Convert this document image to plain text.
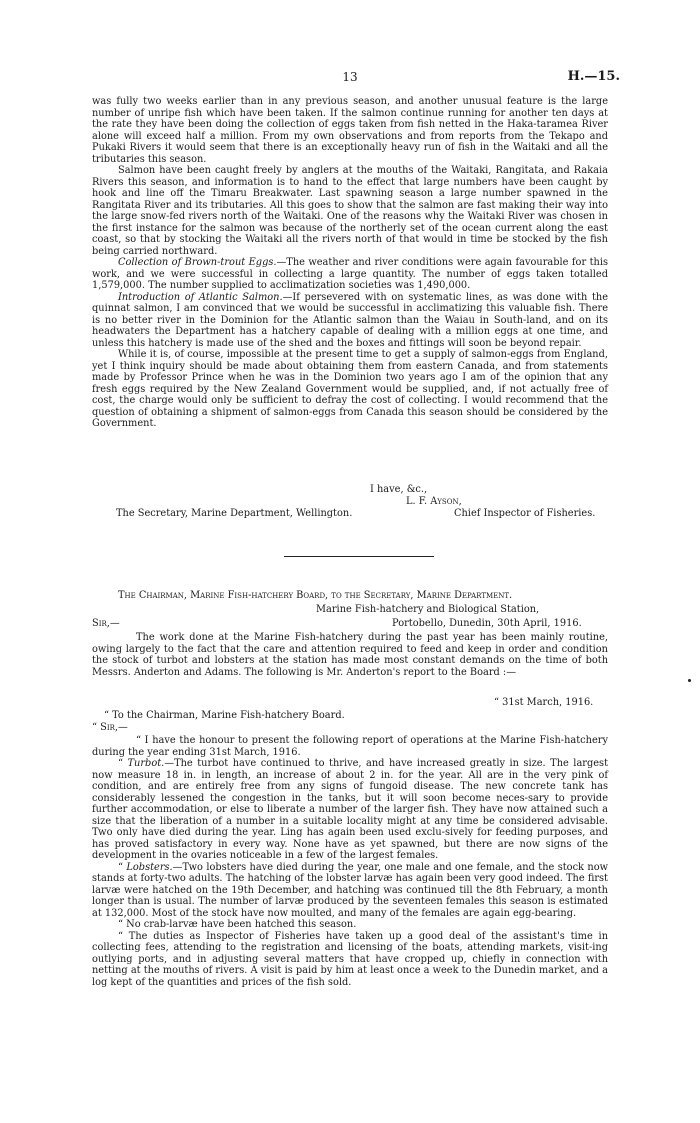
13	H.—15.

was fully two weeks earlier than in any previous season, and another unusual feature is the large number of unripe fish which have been taken. If the salmon continue running for another ten days at the rate they have been doing the collection of eggs taken from fish netted in the Haka-taramea River alone will exceed half a million. From my own observations and from reports from the Tekapo and Pukaki Rivers it would seem that there is an exceptionally heavy run of fish in the Waitaki and all the tributaries this season.

Salmon have been caught freely by anglers at the mouths of the Waitaki, Rangitata, and Rakaia Rivers this season, and information is to hand to the effect that large numbers have been caught by hook and line off the Timaru Breakwater. Last spawning season a large number spawned in the Rangitata River and its tributaries. All this goes to show that the salmon are fast making their way into the large snow-fed rivers north of the Waitaki. One of the reasons why the Waitaki River was chosen in the first instance for the salmon was because of the northerly set of the ocean current along the east coast, so that by stocking the Waitaki all the rivers north of that would in time be stocked by the fish being carried northward.

Collection of Brown-trout Eggs.—The weather and river conditions were again favourable for this work, and we were successful in collecting a large quantity. The number of eggs taken totalled 1,579,000. The number supplied to acclimatization societies was 1,490,000.

Introduction of Atlantic Salmon.—If persevered with on systematic lines, as was done with the quinnat salmon, I am convinced that we would be successful in acclimatizing this valuable fish. There is no better river in the Dominion for the Atlantic salmon than the Waiau in South-land, and on its headwaters the Department has a hatchery capable of dealing with a million eggs at one time, and unless this hatchery is made use of the shed and the boxes and fittings will soon be beyond repair.

While it is, of course, impossible at the present time to get a supply of salmon-eggs from England, yet I think inquiry should be made about obtaining them from eastern Canada, and from statements made by Professor Prince when he was in the Dominion two years ago I am of the opinion that any fresh eggs required by the New Zealand Government would be supplied, and, if not actually free of cost, the charge would only be sufficient to defray the cost of collecting. I would recommend that the question of obtaining a shipment of salmon-eggs from Canada this season should be considered by the Government.

I have, &c.,
L. F. Ayson,
The Secretary, Marine Department, Wellington.	Chief Inspector of Fisheries.
The Chairman, Marine Fish-hatchery Board, to the Secretary, Marine Department.
Marine Fish-hatchery and Biological Station,
Sir,—	Portobello, Dunedin, 30th April, 1916.

The work done at the Marine Fish-hatchery during the past year has been mainly routine, owing largely to the fact that the care and attention required to feed and keep in order and condition the stock of turbot and lobsters at the station has made most constant demands on the time of both Messrs. Anderton and Adams. The following is Mr. Anderton's report to the Board :—

“ 31st March, 1916.
“ To the Chairman, Marine Fish-hatchery Board.
“ Sir,—

“ I have the honour to present the following report of operations at the Marine Fish-hatchery during the year ending 31st March, 1916.

“ Turbot.—The turbot have continued to thrive, and have increased greatly in size. The largest now measure 18 in. in length, an increase of about 2 in. for the year. All are in the very pink of condition, and are entirely free from any signs of fungoid disease. The new concrete tank has considerably lessened the congestion in the tanks, but it will soon become neces-sary to provide further accommodation, or else to liberate a number of the larger fish. They have now attained such a size that the liberation of a number in a suitable locality might at any time be considered advisable. Two only have died during the year. Ling has again been used exclu-sively for feeding purposes, and has proved satisfactory in every way. None have as yet spawned, but there are now signs of the development in the ovaries noticeable in a few of the largest females.

“ Lobsters.—Two lobsters have died during the year, one male and one female, and the stock now stands at forty-two adults. The hatching of the lobster larvæ has again been very good indeed. The first larvæ were hatched on the 19th December, and hatching was continued till the 8th February, a month longer than is usual. The number of larvæ produced by the seventeen females this season is estimated at 132,000. Most of the stock have now moulted, and many of the females are again egg-bearing.

“ No crab-larvæ have been hatched this season.

“ The duties as Inspector of Fisheries have taken up a good deal of the assistant's time in collecting fees, attending to the registration and licensing of the boats, attending markets, visit-ing outlying ports, and in adjusting several matters that have cropped up, chiefly in connection with netting at the mouths of rivers. A visit is paid by him at least once a week to the Dunedin market, and a log kept of the quantities and prices of the fish sold.
